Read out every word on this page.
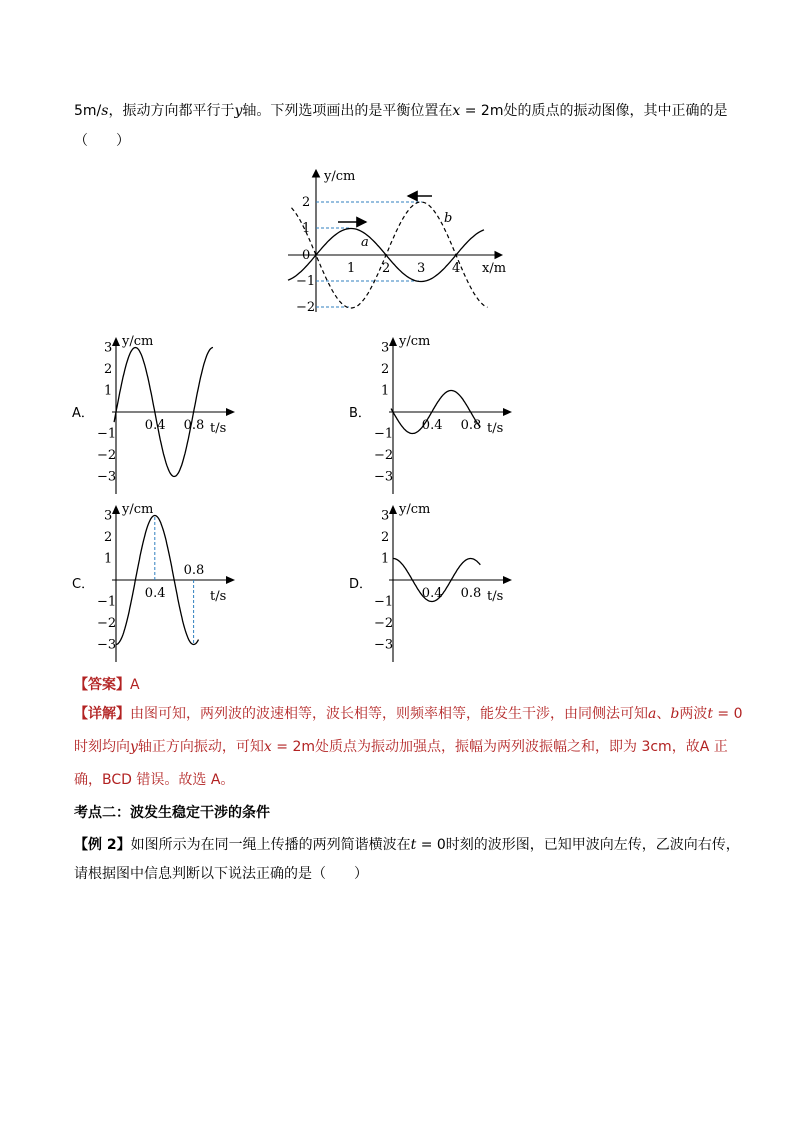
5m/s，振动方向都平行于y轴。下列选项画出的是平衡位置在x = 2m处的质点的振动图像，其中正确的是
（　　）
y/cm
x/m
2
1
0
−1
−2
1 2 3 4
a
b
A．
y/cm
t/s
3
2
1
−1
−2
−3
0.4 0.8
B．
y/cm
t/s
3
2
1
−1
−2
−3
0.4 0.8
C．
y/cm
t/s
3
2
1
−1
−2
−3
0.4
0.8
D．
y/cm
t/s
3
2
1
−1
−2
−3
0.4 0.8
【答案】A
【详解】由图可知，两列波的波速相等，波长相等，则频率相等，能发生干涉，由同侧法可知a、b两波t = 0
时刻均向y轴正方向振动，可知x = 2m处质点为振动加强点，振幅为两列波振幅之和，即为 3cm，故A 正
确，BCD 错误。故选 A。
考点二：波发生稳定干涉的条件
【例 2】如图所示为在同一绳上传播的两列简谐横波在t = 0时刻的波形图，已知甲波向左传，乙波向右传，
请根据图中信息判断以下说法正确的是（　　）
